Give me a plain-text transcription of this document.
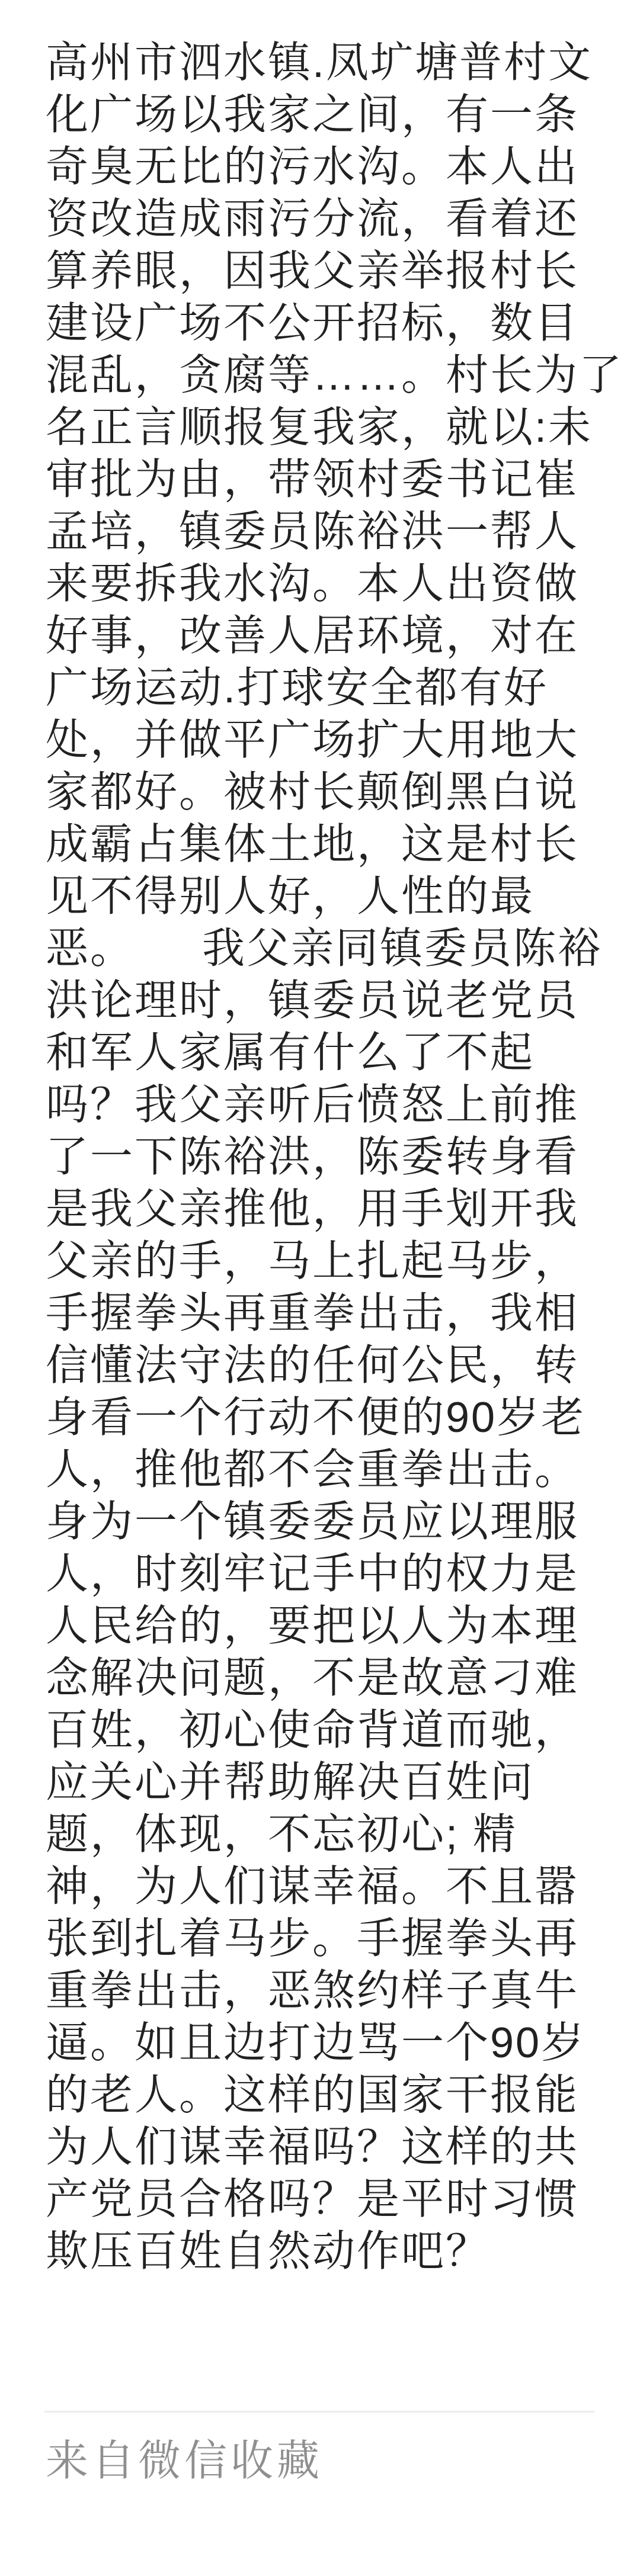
高州市泗水镇.凤圹塘普村文
化广场以我家之间，有一条
奇臭无比的污水沟。本人出
资改造成雨污分流，看着还
算养眼，因我父亲举报村长
建设广场不公开招标，数目
混乱，贪腐等……。村长为了
名正言顺报复我家，就以:未
审批为由，带领村委书记崔
孟培，镇委员陈裕洪一帮人
来要拆我水沟。本人出资做
好事，改善人居环境，对在
广场运动.打球安全都有好
处，并做平广场扩大用地大
家都好。被村长颠倒黑白说
成霸占集体土地，这是村长
见不得别人好，人性的最
恶。　　我父亲同镇委员陈裕
洪论理时，镇委员说老党员
和军人家属有什么了不起
吗？我父亲听后愤怒上前推
了一下陈裕洪，陈委转身看
是我父亲推他，用手划开我
父亲的手，马上扎起马步，
手握拳头再重拳出击，我相
信懂法守法的任何公民，转
身看一个行动不便的90岁老
人，推他都不会重拳出击。
身为一个镇委委员应以理服
人，时刻牢记手中的权力是
人民给的，要把以人为本理
念解决问题，不是故意刁难
百姓，初心使命背道而驰，
应关心并帮助解决百姓问
题，体现，不忘初心; 精
神，为人们谋幸福。不且嚣
张到扎着马步。手握拳头再
重拳出击，恶煞约样子真牛
逼。如且边打边骂一个90岁
的老人。这样的国家干报能
为人们谋幸福吗？这样的共
产党员合格吗？是平时习惯
欺压百姓自然动作吧？
来自微信收藏
